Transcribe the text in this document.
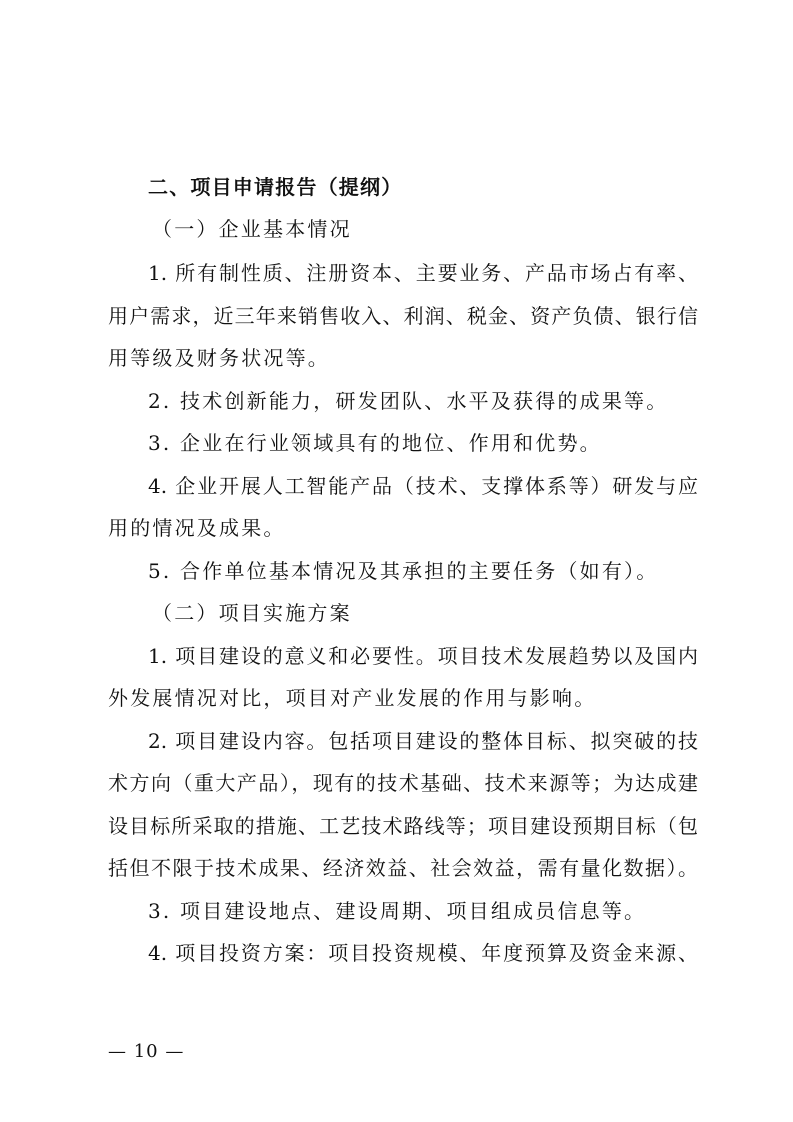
二、项目申请报告（提纲）
（一）企业基本情况
1. 所有制性质、注册资本、主要业务、产品市场占有率、
用户需求，近三年来销售收入、利润、税金、资产负债、银行信
用等级及财务状况等。
2. 技术创新能力，研发团队、水平及获得的成果等。
3. 企业在行业领域具有的地位、作用和优势。
4. 企业开展人工智能产品（技术、支撑体系等）研发与应
用的情况及成果。
5. 合作单位基本情况及其承担的主要任务（如有）。
（二）项目实施方案
1. 项目建设的意义和必要性。项目技术发展趋势以及国内
外发展情况对比，项目对产业发展的作用与影响。
2. 项目建设内容。包括项目建设的整体目标、拟突破的技
术方向（重大产品），现有的技术基础、技术来源等；为达成建
设目标所采取的措施、工艺技术路线等；项目建设预期目标（包
括但不限于技术成果、经济效益、社会效益，需有量化数据）。
3. 项目建设地点、建设周期、项目组成员信息等。
4. 项目投资方案：项目投资规模、年度预算及资金来源、
— 10 —
